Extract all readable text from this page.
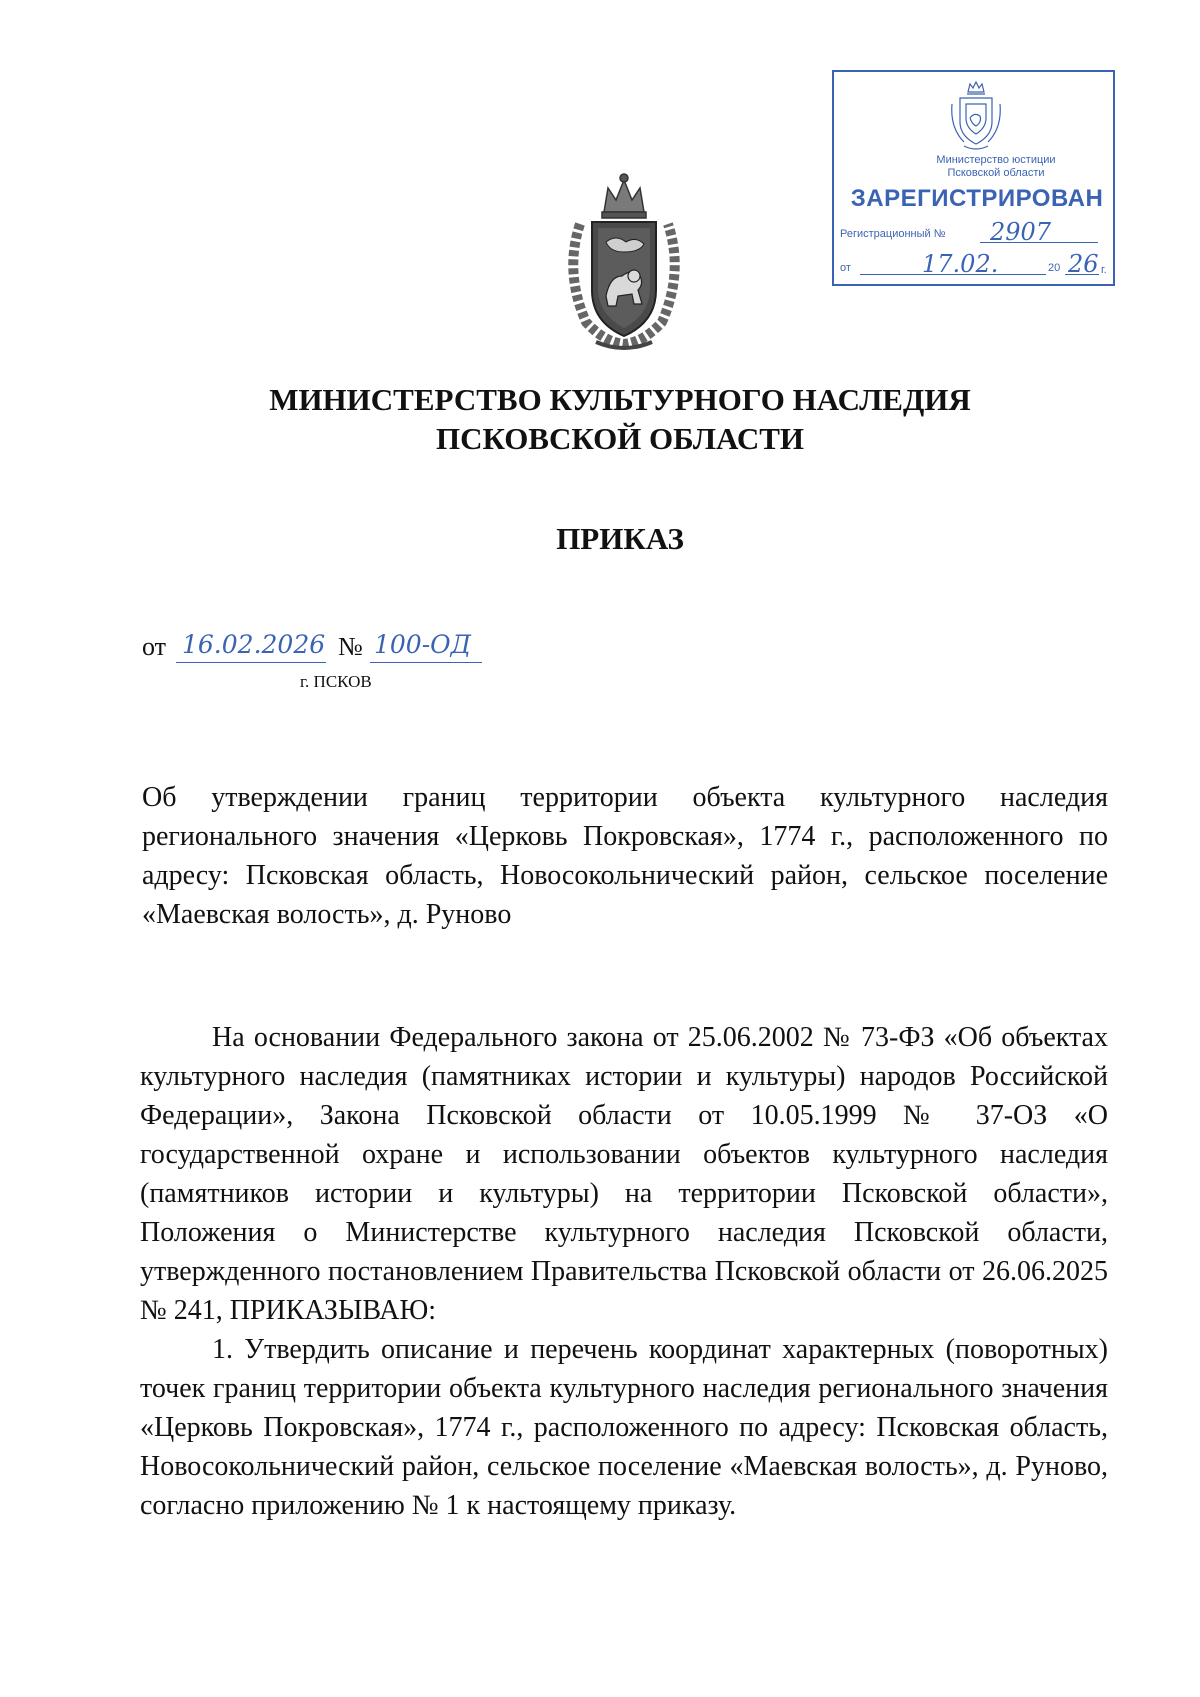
Министерство юстиции
Псковской области
ЗАРЕГИСТРИРОВАН
Регистрационный № 2907
от	17.02.	20 26 г.
МИНИСТЕРСТВО КУЛЬТУРНОГО НАСЛЕДИЯ
ПСКОВСКОЙ ОБЛАСТИ
ПРИКАЗ
от 16.02.2026 № 100-ОД
г. ПСКОВ
Об утверждении границ территории объекта культурного наследия регионального значения «Церковь Покровская», 1774 г., расположенного по адресу: Псковская область, Новосокольнический район, сельское поселение «Маевская волость», д. Руново

На основании Федерального закона от 25.06.2002 № 73-ФЗ «Об объектах культурного наследия (памятниках истории и культуры) народов Российской Федерации», Закона Псковской области от 10.05.1999 № 37-ОЗ «О государственной охране и использовании объектов культурного наследия (памятников истории и культуры) на территории Псковской области», Положения о Министерстве культурного наследия Псковской области, утвержденного постановлением Правительства Псковской области от 26.06.2025 № 241, ПРИКАЗЫВАЮ:

1. Утвердить описание и перечень координат характерных (поворотных) точек границ территории объекта культурного наследия регионального значения «Церковь Покровская», 1774 г., расположенного по адресу: Псковская область, Новосокольнический район, сельское поселение «Маевская волость», д. Руново, согласно приложению № 1 к настоящему приказу.
